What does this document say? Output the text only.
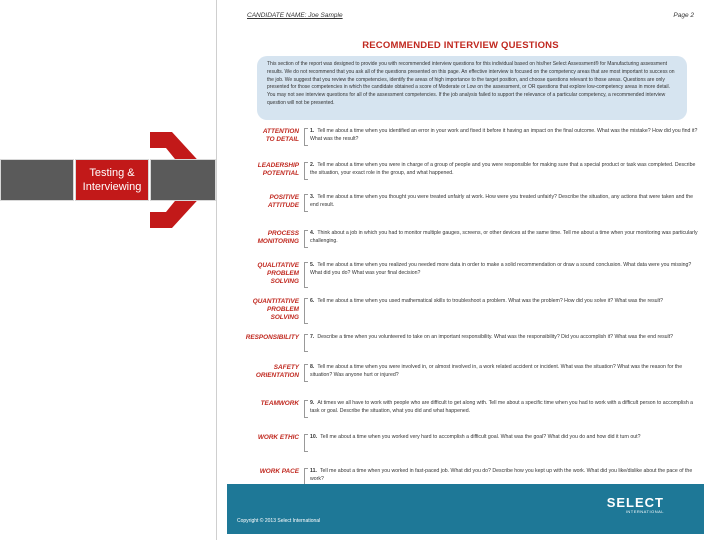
Testing &
Interviewing
CANDIDATE NAME: Joe Sample	Page 2
RECOMMENDED INTERVIEW QUESTIONS
This section of the report was designed to provide you with recommended interview questions for this individual based on his/her Select Assessment® for Manufacturing assessment results. We do not recommend that you ask all of the questions presented on this page. An effective interview is focused on the competency areas that are most important to success on the job. We suggest that you review the competencies, identify the areas of high importance to the target position, and choose questions relevant to those areas. Questions are only presented for those competencies in which the candidate obtained a score of Moderate or Low on the assessment, or OR questions that explore low-competency areas in more detail. You may not see interview questions for all of the assessment competencies. If the job analysis failed to support the relevance of a particular competency, a recommended interview question will not be presented.
ATTENTION
TO DETAIL
1. Tell me about a time when you identified an error in your work and fixed it before it having an impact on the final outcome. What was the mistake? How did you find it? What was the result?
LEADERSHIP
POTENTIAL
2. Tell me about a time when you were in charge of a group of people and you were responsible for making sure that a special product or task was completed. Describe the situation, your exact role in the group, and what happened.
POSITIVE
ATTITUDE
3. Tell me about a time when you thought you were treated unfairly at work. How were you treated unfairly? Describe the situation, any actions that were taken and the end result.
PROCESS
MONITORING
4. Think about a job in which you had to monitor multiple gauges, screens, or other devices at the same time. Tell me about a time when your monitoring was particularly challenging.
QUALITATIVE
PROBLEM
SOLVING
5. Tell me about a time when you realized you needed more data in order to make a solid recommendation or draw a sound conclusion. What data were you missing? What did you do? What was your final decision?
QUANTITATIVE
PROBLEM
SOLVING
6. Tell me about a time when you used mathematical skills to troubleshoot a problem. What was the problem? How did you solve it? What was the result?
RESPONSIBILITY 7. Describe a time when you volunteered to take on an important responsibility. What was the responsibility? Did you accomplish it? What was the end result?
SAFETY
ORIENTATION
8. Tell me about a time when you were involved in, or almost involved in, a work related accident or incident. What was the situation? What was the reason for the situation? Was anyone hurt or injured?
TEAMWORK 9. At times we all have to work with people who are difficult to get along with. Tell me about a specific time when you had to work with a difficult person to accomplish a task or goal. Describe the situation, what you did and what happened.
WORK ETHIC 10. Tell me about a time when you worked very hard to accomplish a difficult goal. What was the goal? What did you do and how did it turn out?
WORK PACE 11. Tell me about a time when you worked in fast-paced job. What did you do? Describe how you kept up with the work. What did you like/dislike about the pace of the work?
Copyright © 2013 Select International
SELECT
INTERNATIONAL
